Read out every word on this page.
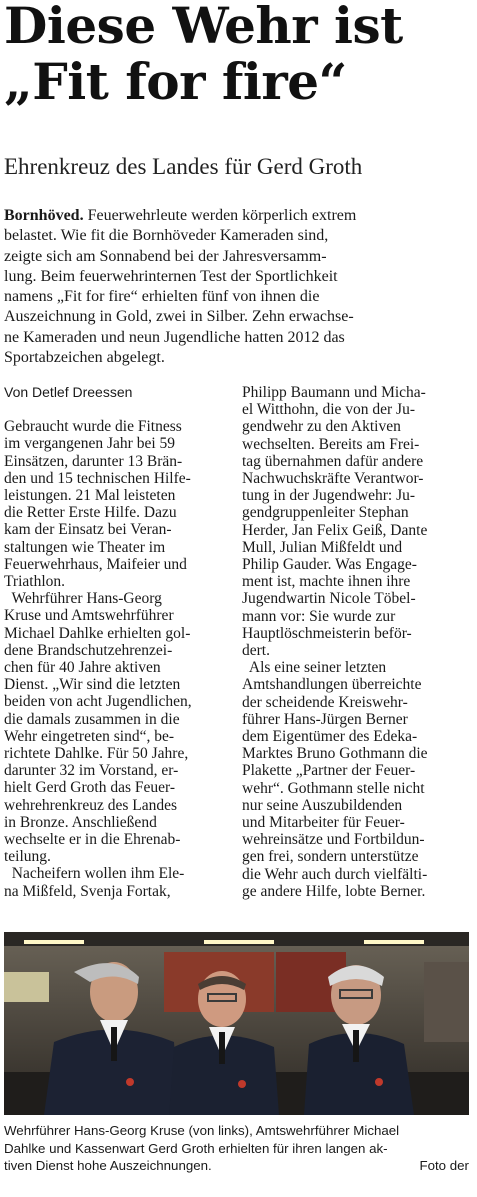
Diese Wehr ist
„Fit for fire“
Ehrenkreuz des Landes für Gerd Groth
Bornhöved. Feuerwehrleute werden körperlich extrem
belastet. Wie fit die Bornhöveder Kameraden sind,
zeigte sich am Sonnabend bei der Jahresversamm-
lung. Beim feuerwehrinternen Test der Sportlichkeit
namens „Fit for fire“ erhielten fünf von ihnen die
Auszeichnung in Gold, zwei in Silber. Zehn erwachse-
ne Kameraden und neun Jugendliche hatten 2012 das
Sportabzeichen abgelegt.
Von Detlef Dreessen
Gebraucht wurde die Fitness
im vergangenen Jahr bei 59
Einsätzen, darunter 13 Brän-
den und 15 technischen Hilfe-
leistungen. 21 Mal leisteten
die Retter Erste Hilfe. Dazu
kam der Einsatz bei Veran-
staltungen wie Theater im
Feuerwehrhaus, Maifeier und
Triathlon.
Wehrführer Hans-Georg
Kruse und Amtswehrführer
Michael Dahlke erhielten gol-
dene Brandschutzehrenzei-
chen für 40 Jahre aktiven
Dienst. „Wir sind die letzten
beiden von acht Jugendlichen,
die damals zusammen in die
Wehr eingetreten sind“, be-
richtete Dahlke. Für 50 Jahre,
darunter 32 im Vorstand, er-
hielt Gerd Groth das Feuer-
wehrehrenkreuz des Landes
in Bronze. Anschließend
wechselte er in die Ehrenab-
teilung.
Nacheifern wollen ihm Ele-
na Mißfeld, Svenja Fortak,
Philipp Baumann und Micha-
el Witthohn, die von der Ju-
gendwehr zu den Aktiven
wechselten. Bereits am Frei-
tag übernahmen dafür andere
Nachwuchskräfte Verantwor-
tung in der Jugendwehr: Ju-
gendgruppenleiter Stephan
Herder, Jan Felix Geiß, Dante
Mull, Julian Mißfeldt und
Philip Gauder. Was Engage-
ment ist, machte ihnen ihre
Jugendwartin Nicole Töbel-
mann vor: Sie wurde zur
Hauptlöschmeisterin beför-
dert.
Als eine seiner letzten
Amtshandlungen überreichte
der scheidende Kreiswehr-
führer Hans-Jürgen Berner
dem Eigentümer des Edeka-
Marktes Bruno Gothmann die
Plakette „Partner der Feuer-
wehr“. Gothmann stelle nicht
nur seine Auszubildenden
und Mitarbeiter für Feuer-
wehreinsätze und Fortbildun-
gen frei, sondern unterstütze
die Wehr auch durch vielfälti-
ge andere Hilfe, lobte Berner.
Wehrführer Hans-Georg Kruse (von links), Amtswehrführer Michael
Dahlke und Kassenwart Gerd Groth erhielten für ihren langen ak-
tiven Dienst hohe Auszeichnungen.	Foto der
